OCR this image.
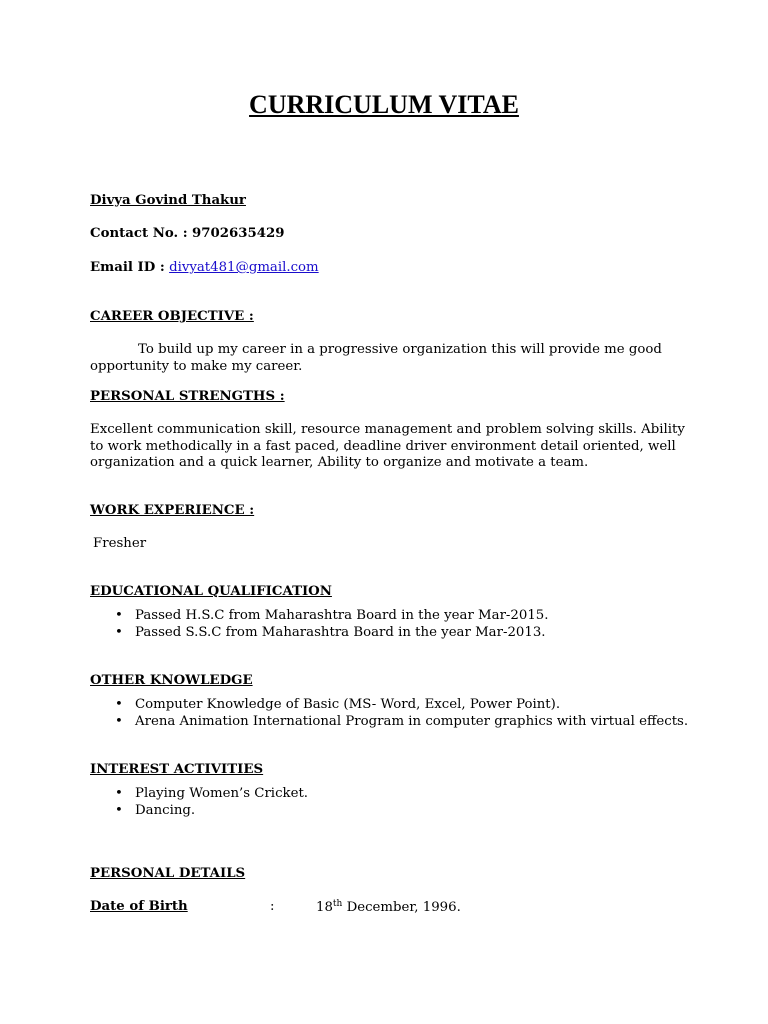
CURRICULUM VITAE
Divya Govind Thakur
Contact No. : 9702635429
Email ID : divyat481@gmail.com
CAREER OBJECTIVE :
To build up my career in a progressive organization this will provide me good opportunity to make my career.
PERSONAL STRENGTHS :
Excellent communication skill, resource management and problem solving skills. Ability to work methodically in a fast paced, deadline driver environment detail oriented, well organization and a quick learner, Ability to organize and motivate a team.
WORK EXPERIENCE :
Fresher
EDUCATIONAL QUALIFICATION
• Passed H.S.C from Maharashtra Board in the year Mar-2015.
• Passed S.S.C from Maharashtra Board in the year Mar-2013.
OTHER KNOWLEDGE
• Computer Knowledge of Basic (MS- Word, Excel, Power Point).
• Arena Animation International Program in computer graphics with virtual effects.
INTEREST ACTIVITIES
• Playing Women’s Cricket.
• Dancing.
PERSONAL DETAILS
Date of Birth	:	18th December, 1996.
